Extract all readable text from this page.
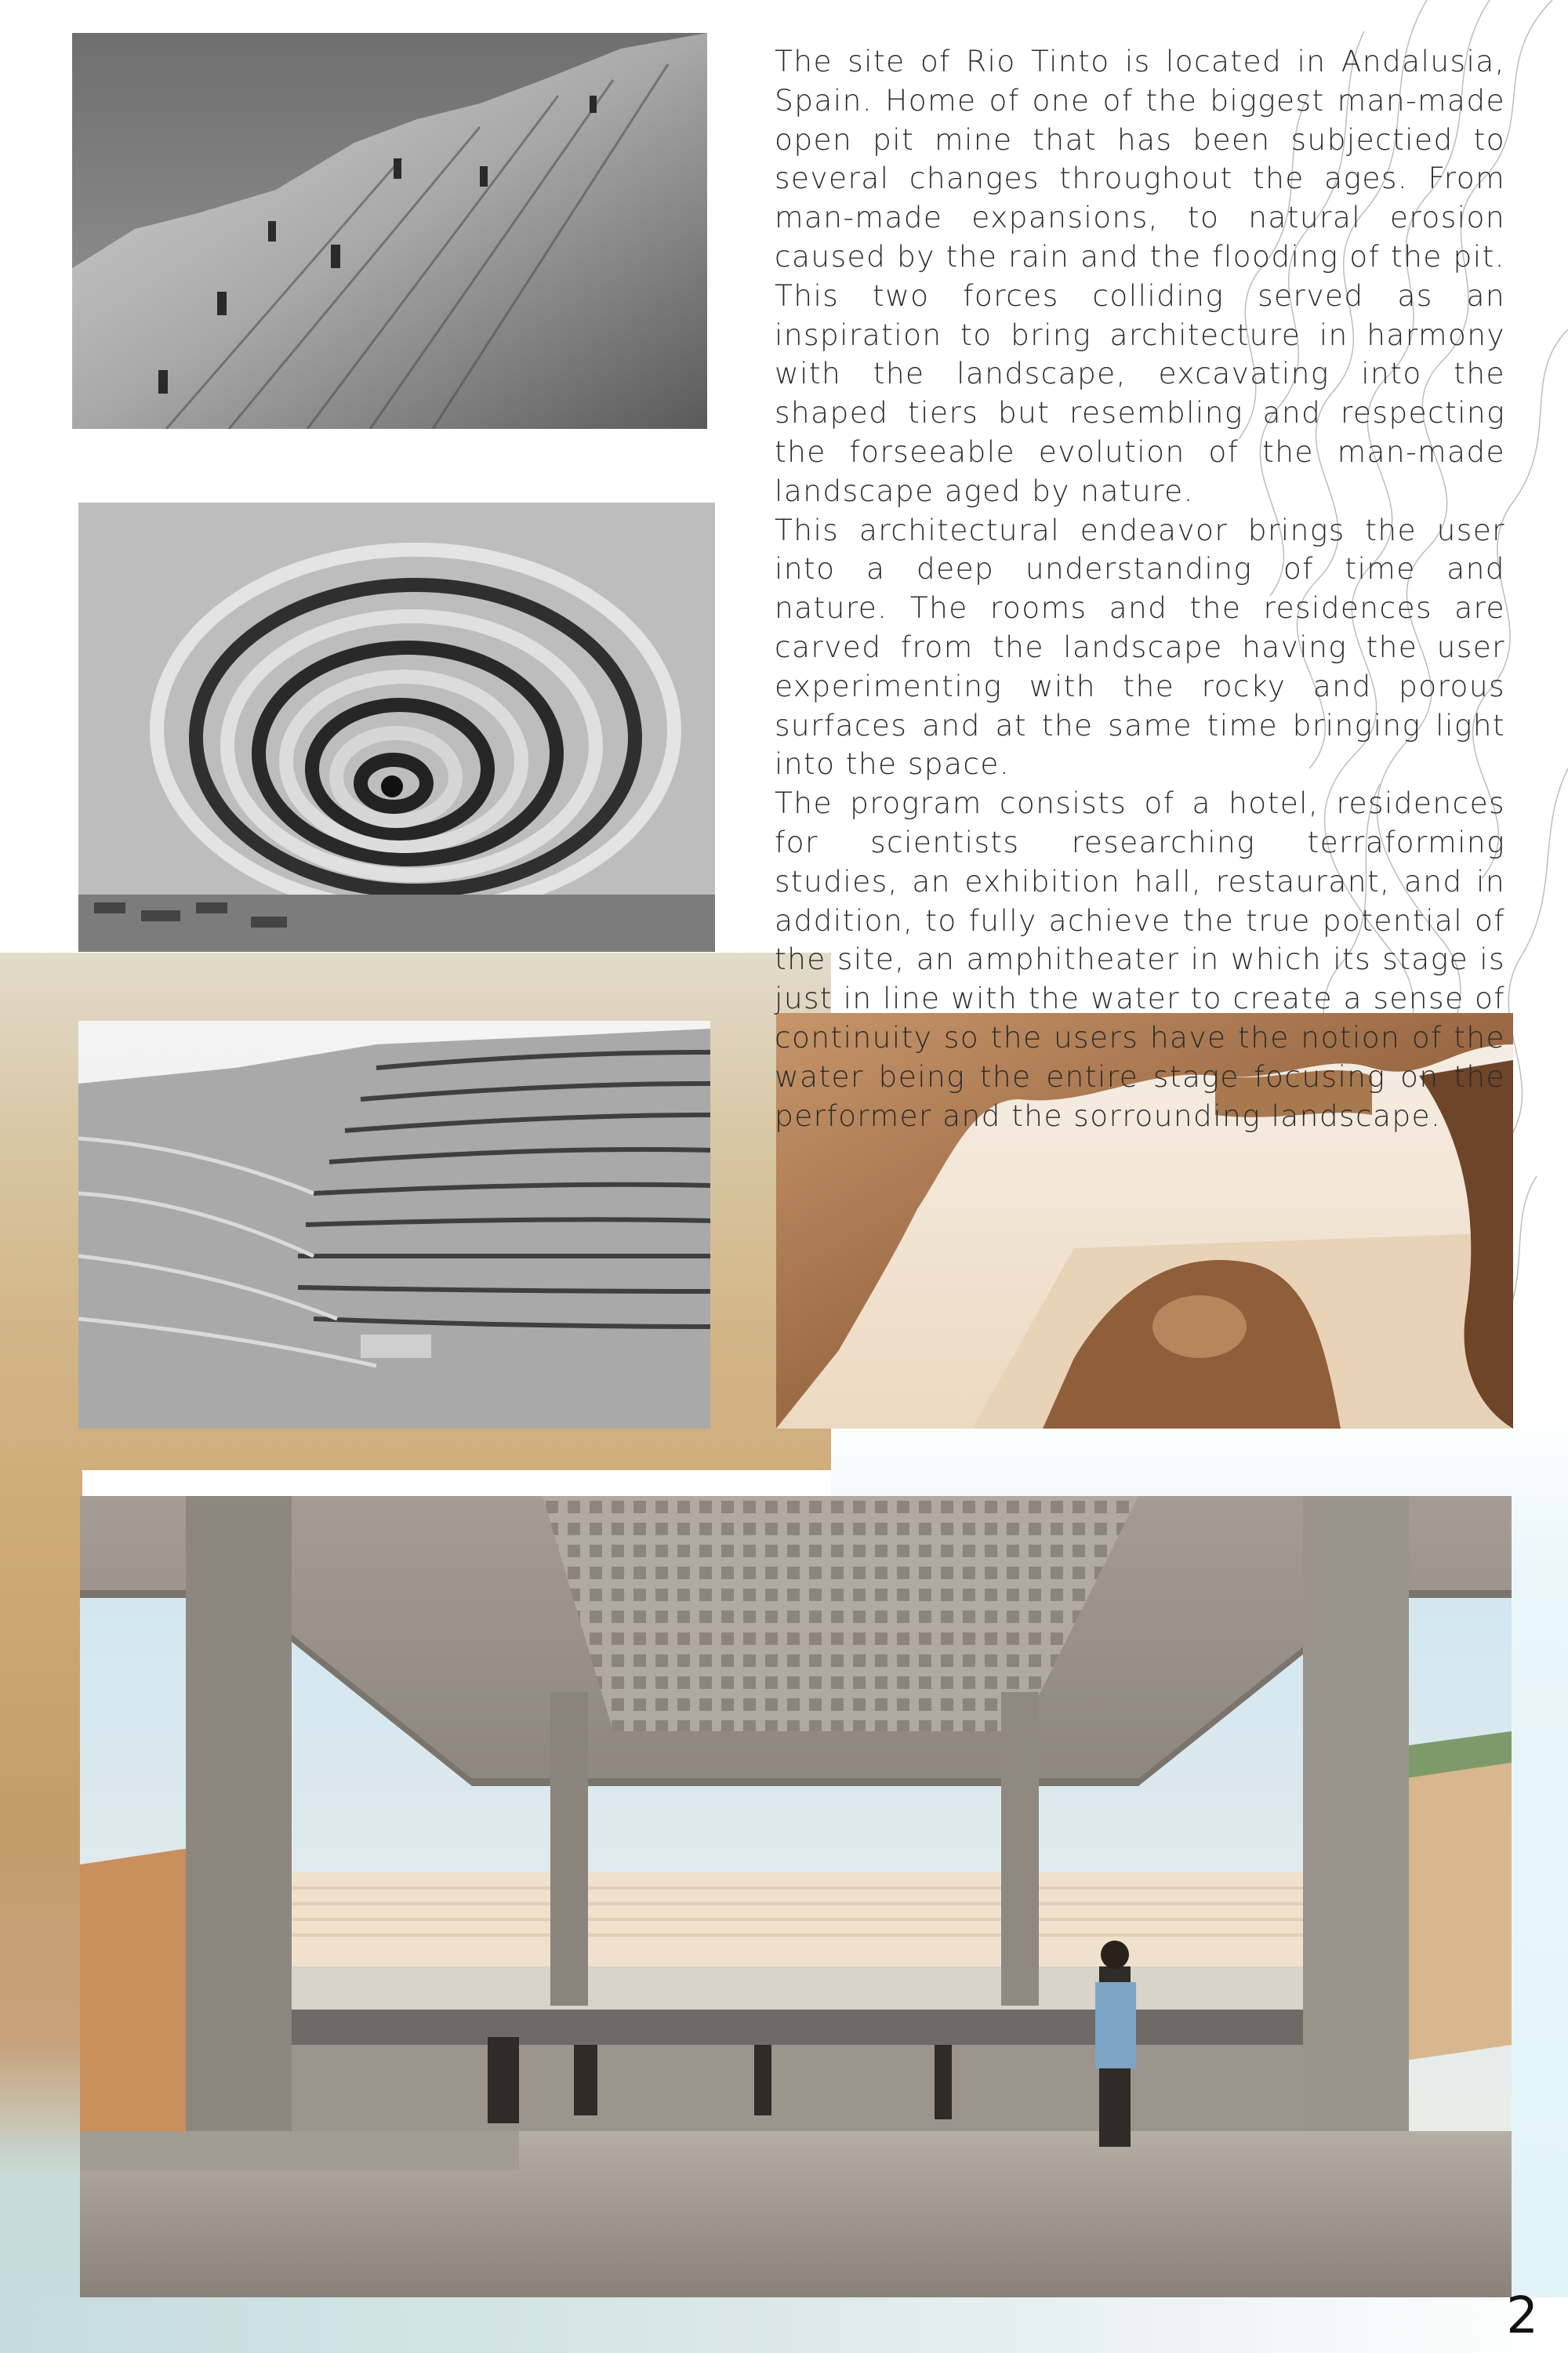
The site of Rio Tinto is located in Andalusia, Spain. Home of one of the biggest man-made open pit mine that has been subjectied to several changes throughout the ages. From man-made expansions, to natural erosion caused by the rain and the flooding of the pit. This two forces colliding served as an inspiration to bring architecture in harmony with the landscape, excavating into the shaped tiers but resembling and respecting the forseeable evolution of the man-made landscape aged by nature.

This architectural endeavor brings the user into a deep understanding of time and nature. The rooms and the residences are carved from the landscape having the user experimenting with the rocky and porous surfaces and at the same time bringing light into the space.

The program consists of a hotel, residences for scientists researching terraforming studies, an exhibition hall, restaurant, and in addition, to fully achieve the true potential of the site, an amphitheater in which its stage is just in line with the water to create a sense of continuity so the users have the notion of the water being the entire stage focusing on the performer and the sorrounding landscape.

2
